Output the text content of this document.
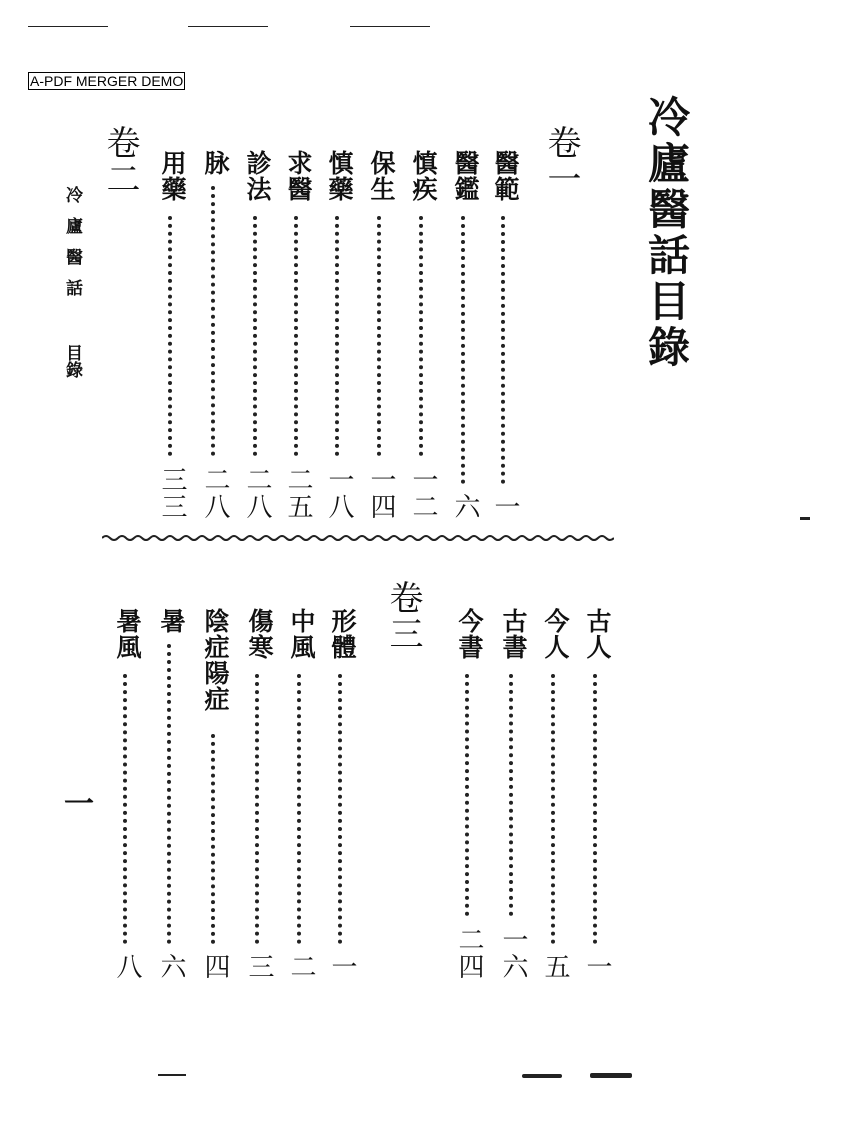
A-PDF MERGER DEMO
冷廬醫話目錄
卷一
卷二
卷三
冷廬醫話 目錄
醫範
一
醫鑑
六
慎疾
一二
保生
一四
慎藥
一八
求醫
二五
診法
二八
脉
二八
用藥
三三
古人
一
今人
五
古書
一六
今書
二四
形體
一
中風
二
傷寒
三
陰症陽症
四
暑
六
暑風
八
一
